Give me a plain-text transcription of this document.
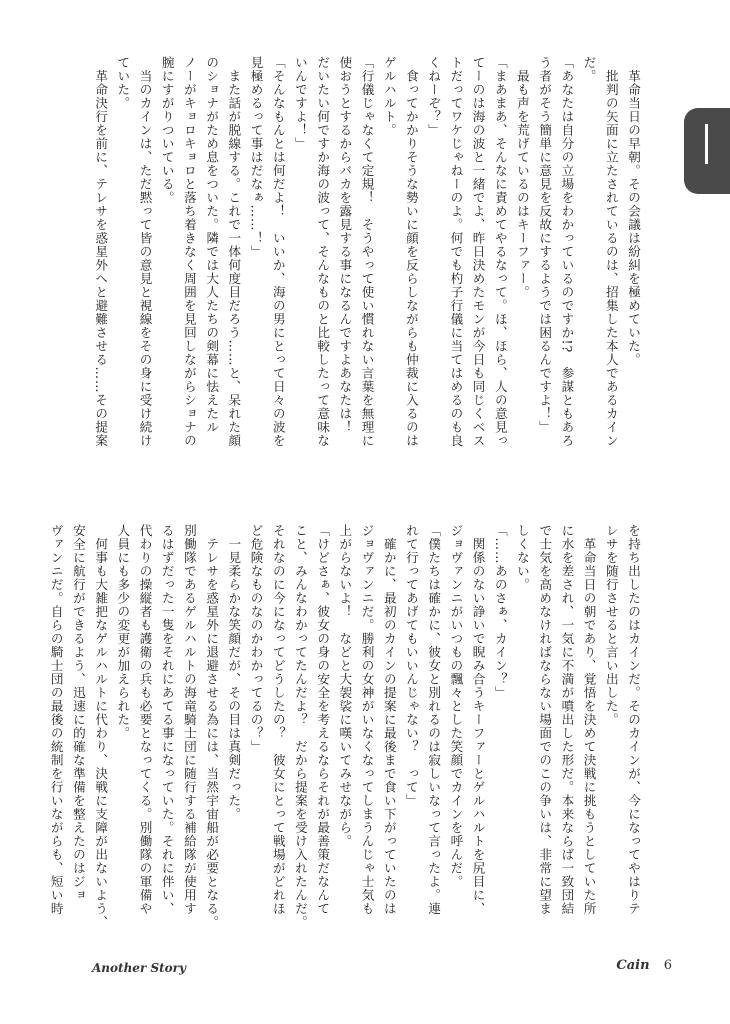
　革命当日の早朝。その会議は紛糾を極めていた。

　批判の矢面に立たされているのは、招集した本人であるカイン

だ。

「あなたは自分の立場をわかっているのですか!?　参謀ともあろ

う者がそう簡単に意見を反故にするようでは困るんですよ！」

　最も声を荒げているのはキーファー。

「まあまあ、そんなに責めてやるなって。ほ、ほら、人の意見っ

てーのは海の波と一緒でよ、昨日決めたモンが今日も同じくベス

トだってワケじゃねーのよ。何でも杓子行儀に当てはめるのも良

くねーぞ？」

　食ってかかりそうな勢いに顔を反らしながらも仲裁に入るのは

ゲルハルト。

「行儀じゃなくて定規！　そうやって使い慣れない言葉を無理に

使おうとするからバカを露見する事になるんですよあなたは！

だいたい何ですか海の波って、そんなものと比較したって意味な

いんですよ！」

「そんなもんとは何だよ！　いいか、海の男にとって日々の波を

見極めるって事はだなぁ……！」

　また話が脱線する。これで一体何度目だろう……と、呆れた顔

のショナがため息をついた。隣では大人たちの剣幕に怯えたル

ノーがキョロキョロと落ち着きなく周囲を見回しながらショナの

腕にすがりついている。

　当のカインは、ただ黙って皆の意見と視線をその身に受け続け

ていた。

　革命決行を前に、テレサを惑星外へと避難させる……その提案

を持ち出したのはカインだ。そのカインが、今になってやはりテ

レサを随行させると言い出した。

　革命当日の朝であり、覚悟を決めて決戦に挑もうとしていた所

に水を差され、一気に不満が噴出した形だ。本来ならば一致団結

で士気を高めなければならない場面でのこの争いは、非常に望ま

しくない。

「……あのさぁ、カイン？」

　関係のない諍いで睨み合うキーファーとゲルハルトを尻目に、

ジョヴァンニがいつもの飄々とした笑顔でカインを呼んだ。

「僕たちは確かに、彼女と別れるのは寂しいなって言ったよ。連

れて行ってあげてもいいんじゃない？　って」

　確かに、最初のカインの提案に最後まで食い下がっていたのは

ジョヴァンニだ。勝利の女神がいなくなってしまうんじゃ士気も

上がらないよ！　などと大袈裟に嘆いてみせながら。

「けどさぁ、彼女の身の安全を考えるならそれが最善策だなんて

こと、みんなわかってたんだよ？　だから提案を受け入れたんだ。

それなのに今になってどうしたの？　彼女にとって戦場がどれほ

ど危険なものなのかわかってるの？」

　一見柔らかな笑顔だが、その目は真剣だった。

　テレサを惑星外に退避させる為には、当然宇宙船が必要となる。

別働隊であるゲルハルトの海竜騎士団に随行する補給隊が使用す

るはずだった一隻をそれにあてる事になっていた。それに伴い、

代わりの操縦者も護衛の兵も必要となってくる。別働隊の軍備や

人員にも多少の変更が加えられた。

　何事も大雑把なゲルハルトに代わり、決戦に支障が出ないよう、

安全に航行ができるよう、迅速に的確な準備を整えたのはジョ

ヴァンニだ。自らの騎士団の最後の統制を行いながらも、短い時

Another Story	Cain 6
